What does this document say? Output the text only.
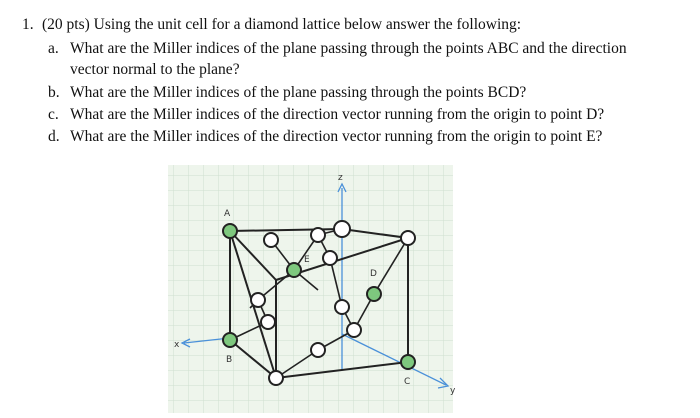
1. (20 pts) Using the unit cell for a diamond lattice below answer the following:
a. What are the Miller indices of the plane passing through the points ABC and the direction
vector normal to the plane?
b. What are the Miller indices of the plane passing through the points BCD?
c. What are the Miller indices of the direction vector running from the origin to point D?
d. What are the Miller indices of the direction vector running from the origin to point E?
z
x
y
A
B
C
D
E
